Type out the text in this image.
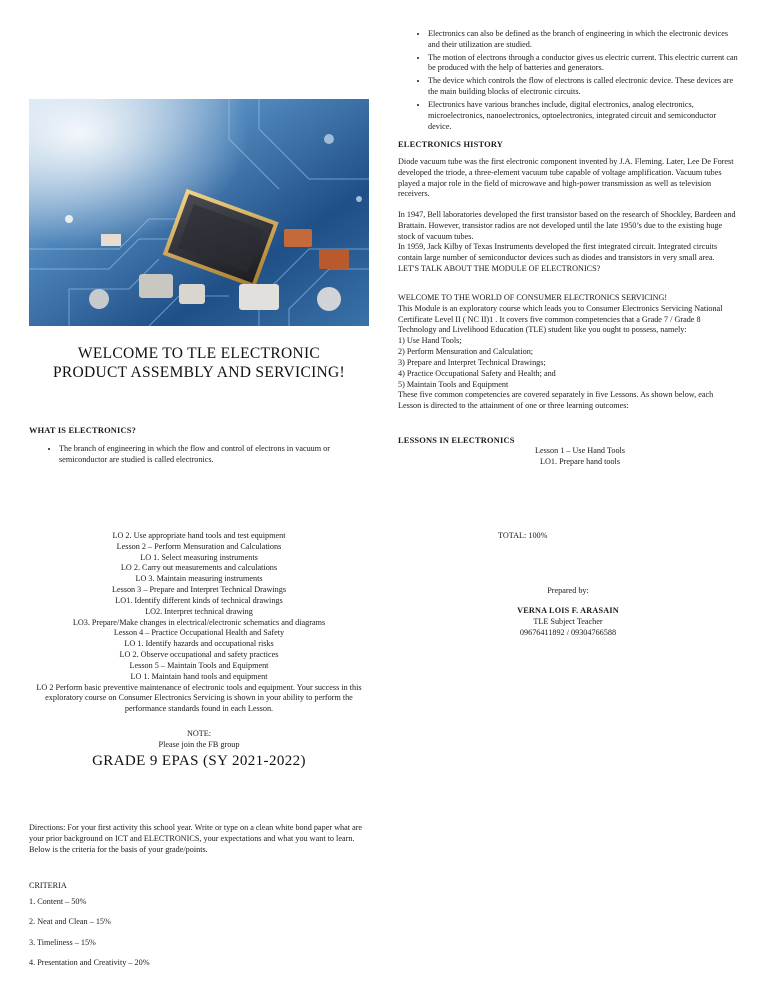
WELCOME TO TLE ELECTRONIC
PRODUCT ASSEMBLY AND SERVICING!
WHAT IS ELECTRONICS?
• The branch of engineering in which the flow and control of electrons in vacuum or semiconductor are studied is called electronics.

LO 2. Use appropriate hand tools and test equipment

Lesson 2 – Perform Mensuration and Calculations

LO 1. Select measuring instruments

LO 2. Carry out measurements and calculations

LO 3. Maintain measuring instruments

Lesson 3 – Prepare and Interpret Technical Drawings

LO1. Identify different kinds of technical drawings

LO2. Interpret technical drawing

LO3. Prepare/Make changes in electrical/electronic schematics and diagrams

Lesson 4 – Practice Occupational Health and Safety

LO 1. Identify hazards and occupational risks

LO 2. Observe occupational and safety practices

Lesson 5 – Maintain Tools and Equipment

LO 1. Maintain hand tools and equipment

LO 2 Perform basic preventive maintenance of electronic tools and equipment. Your success in this exploratory course on Consumer Electronics Servicing is shown in your ability to perform the performance standards found in each Lesson.

NOTE:

Please join the FB group

GRADE 9 EPAS (SY 2021-2022)

Directions: For your first activity this school year. Write or type on a clean white bond paper what are your prior background on ICT and ELECTRONICS, your expectations and what you want to learn. Below is the criteria for the basis of your grade/points.

CRITERIA

1. Content – 50%

2. Neat and Clean – 15%

3. Timeliness – 15%

4. Presentation and Creativity – 20%

• Electronics can also be defined as the branch of engineering in which the electronic devices and their utilization are studied.
• The motion of electrons through a conductor gives us electric current. This electric current can be produced with the help of batteries and generators.
• The device which controls the flow of electrons is called electronic device. These devices are the main building blocks of electronic circuits.
• Electronics have various branches include, digital electronics, analog electronics, microelectronics, nanoelectronics, optoelectronics, integrated circuit and semiconductor device.
ELECTRONICS HISTORY

Diode vacuum tube was the first electronic component invented by J.A. Fleming. Later, Lee De Forest developed the triode, a three-element vacuum tube capable of voltage amplification. Vacuum tubes played a major role in the field of microwave and high-power transmission as well as television receivers.

In 1947, Bell laboratories developed the first transistor based on the research of Shockley, Bardeen and Brattain. However, transistor radios are not developed until the late 1950’s due to the existing huge stock of vacuum tubes.

In 1959, Jack Kilby of Texas Instruments developed the first integrated circuit. Integrated circuits contain large number of semiconductor devices such as diodes and transistors in very small area.

LET'S TALK ABOUT THE MODULE OF ELECTRONICS?

WELCOME TO THE WORLD OF CONSUMER ELECTRONICS SERVICING!

This Module is an exploratory course which leads you to Consumer Electronics Servicing National Certificate Level II ( NC II)1 . It covers five common competencies that a Grade 7 / Grade 8 Technology and Livelihood Education (TLE) student like you ought to possess, namely:

1) Use Hand Tools;

2) Perform Mensuration and Calculation;

3) Prepare and Interpret Technical Drawings;

4) Practice Occupational Safety and Health; and

5) Maintain Tools and Equipment

These five common competencies are covered separately in five Lessons. As shown below, each Lesson is directed to the attainment of one or three learning outcomes:

LESSONS IN ELECTRONICS

Lesson 1 – Use Hand Tools

LO1. Prepare hand tools

TOTAL: 100%

Prepared by:

VERNA LOIS F. ARASAIN

TLE Subject Teacher

09676411892 / 09304766588
